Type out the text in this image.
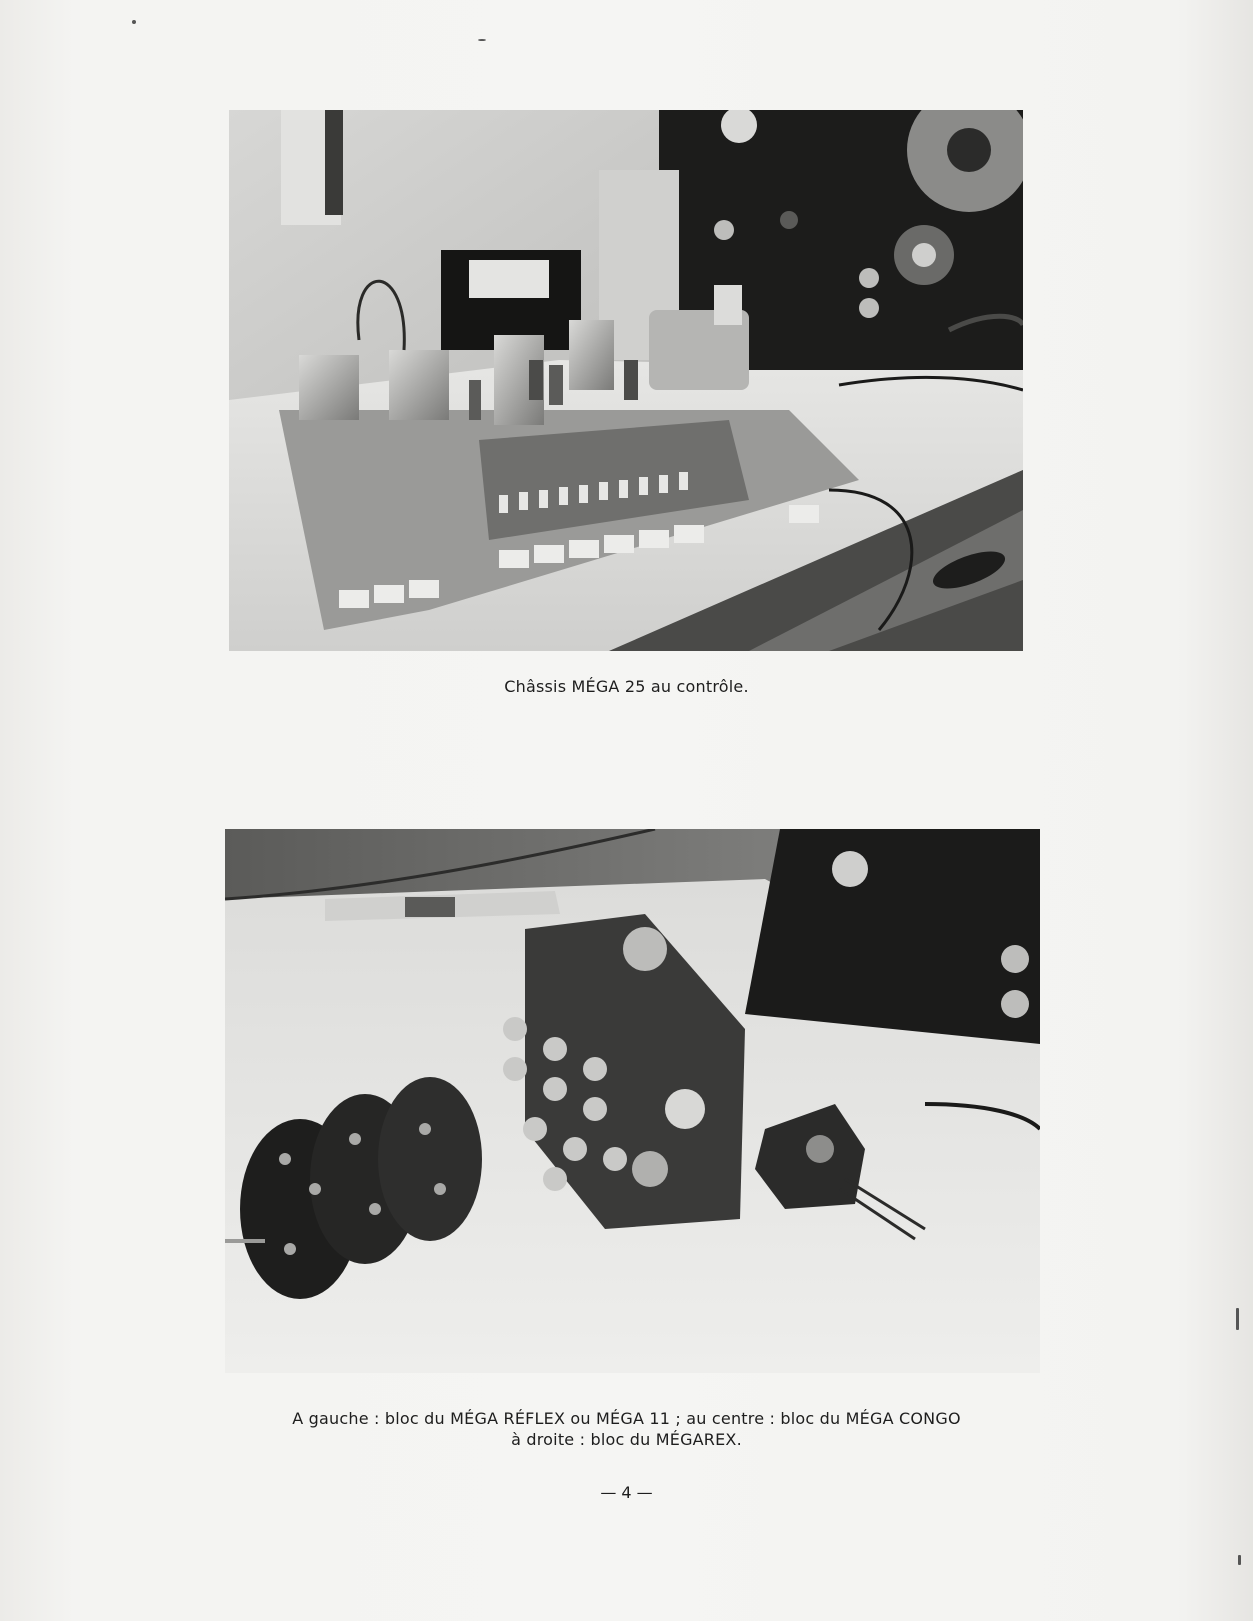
Châssis MÉGA 25 au contrôle.
A gauche : bloc du MÉGA RÉFLEX ou MÉGA 11 ; au centre : bloc du MÉGA CONGO
à droite : bloc du MÉGAREX.
— 4 —
